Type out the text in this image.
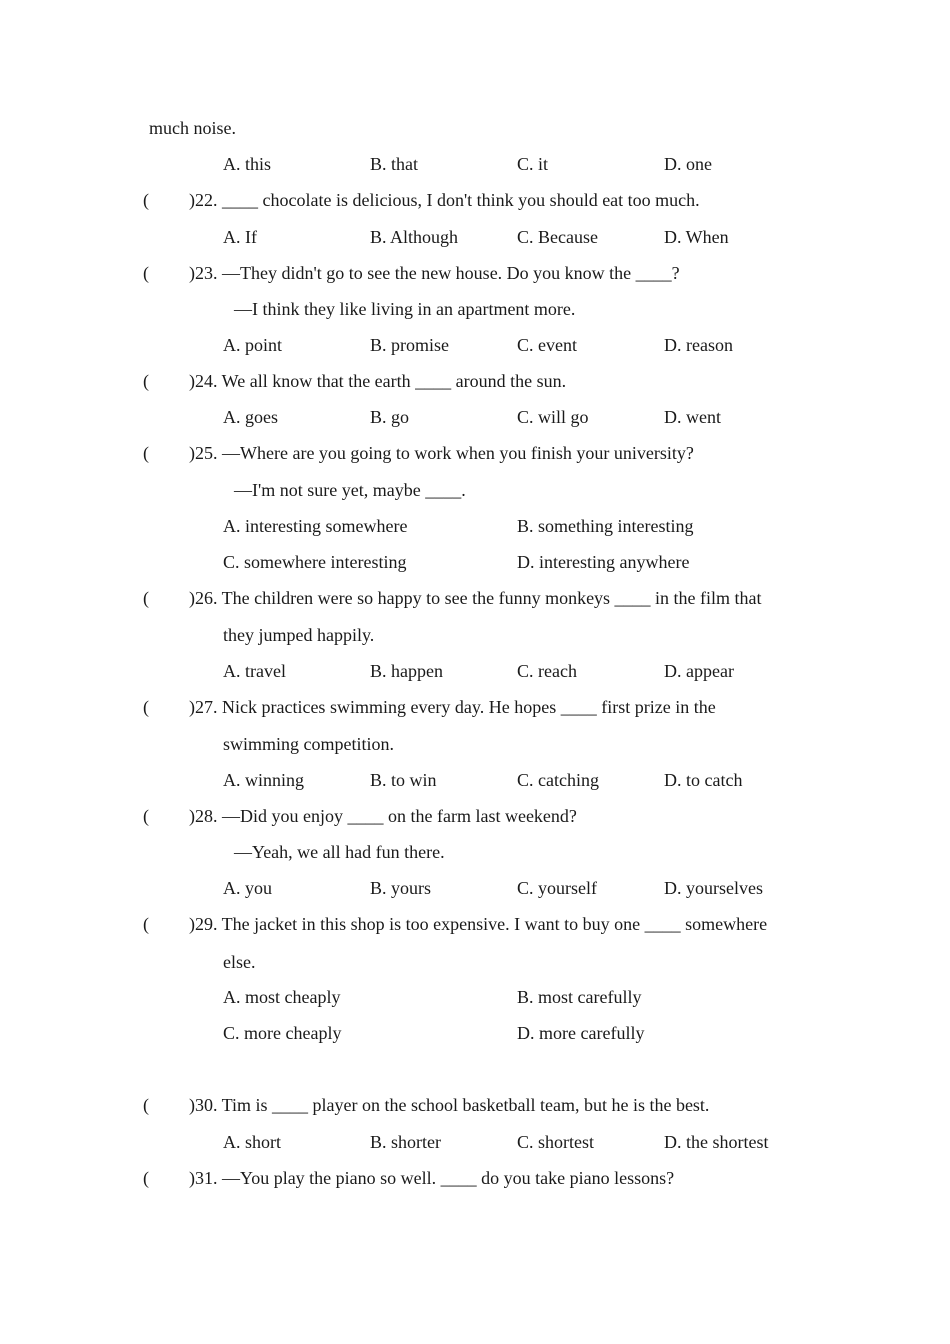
much noise.
A. this	B. that	C. it	D. one
( )22. ____ chocolate is delicious, I don't think you should eat too much.
A. If	B. Although	C. Because	D. When
( )23. —They didn't go to see the new house. Do you know the ____?
—I think they like living in an apartment more.
A. point	B. promise	C. event	D. reason
( )24. We all know that the earth ____ around the sun.
A. goes	B. go	C. will go	D. went
( )25. —Where are you going to work when you finish your university?
—I'm not sure yet, maybe ____.
A. interesting somewhere	B. something interesting
C. somewhere interesting	D. interesting anywhere
( )26. The children were so happy to see the funny monkeys ____ in the film that
they jumped happily.
A. travel	B. happen	C. reach	D. appear
( )27. Nick practices swimming every day. He hopes ____ first prize in the
swimming competition.
A. winning	B. to win	C. catching	D. to catch
( )28. —Did you enjoy ____ on the farm last weekend?
—Yeah, we all had fun there.
A. you	B. yours	C. yourself	D. yourselves
( )29. The jacket in this shop is too expensive. I want to buy one ____ somewhere
else.
A. most cheaply	B. most carefully
C. more cheaply	D. more carefully
( )30. Tim is ____ player on the school basketball team, but he is the best.
A. short	B. shorter	C. shortest	D. the shortest
( )31. —You play the piano so well. ____ do you take piano lessons?
